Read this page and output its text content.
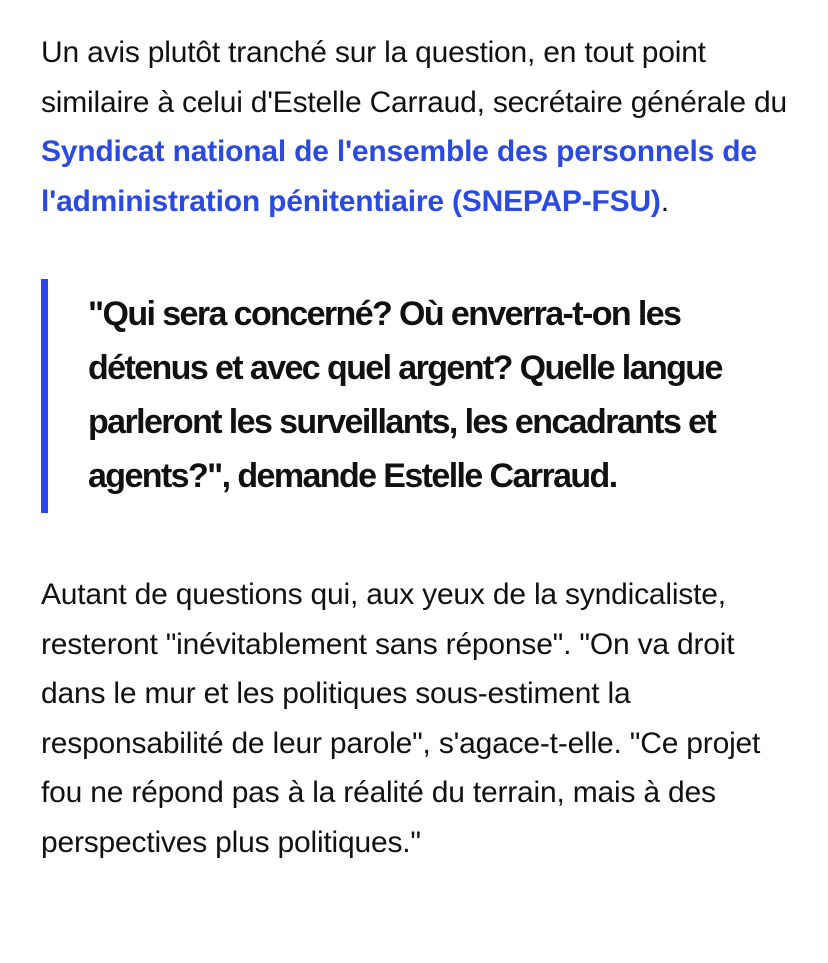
Un avis plutôt tranché sur la question, en tout point similaire à celui d'Estelle Carraud, secrétaire générale du Syndicat national de l'ensemble des personnels de l'administration pénitentiaire (SNEPAP-FSU).

"Qui sera concerné? Où enverra-t-on les détenus et avec quel argent? Quelle langue parleront les surveillants, les encadrants et agents?", demande Estelle Carraud.

Autant de questions qui, aux yeux de la syndicaliste, resteront "inévitablement sans réponse". "On va droit dans le mur et les politiques sous-estiment la responsabilité de leur parole", s'agace-t-elle. "Ce projet fou ne répond pas à la réalité du terrain, mais à des perspectives plus politiques."
